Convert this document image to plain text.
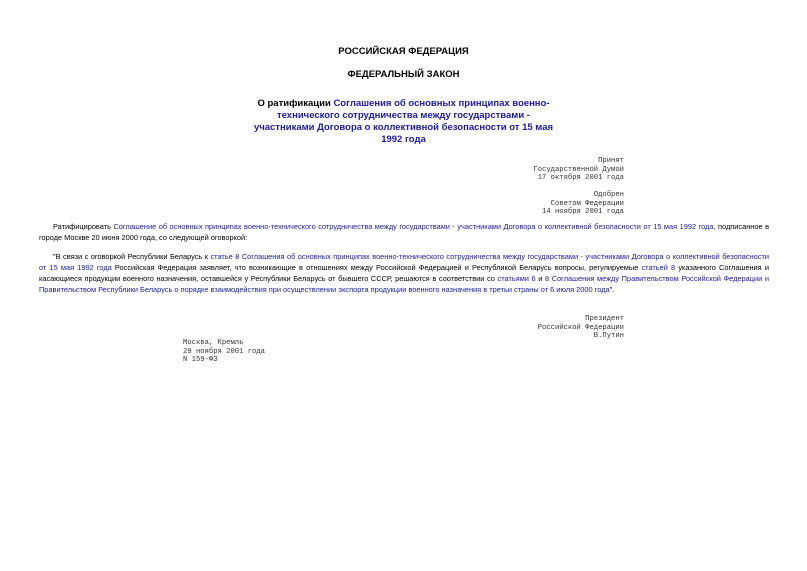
РОССИЙСКАЯ ФЕДЕРАЦИЯ
ФЕДЕРАЛЬНЫЙ ЗАКОН
О ратификации Соглашения об основных принципах военно-технического сотрудничества между государствами - участниками Договора о коллективной безопасности от 15 мая 1992 года
Принят
Государственной Думой
17 октября 2001 года
Одобрен
Советом Федерации
14 ноября 2001 года
Ратифицировать Соглашение об основных принципах военно-технического сотрудничества между государствами - участниками Договора о коллективной безопасности от 15 мая 1992 года, подписанное в городе Москве 20 июня 2000 года, со следующей оговоркой:
"В связи с оговоркой Республики Беларусь к статье 8 Соглашения об основных принципах военно-технического сотрудничества между государствами - участниками Договора о коллективной безопасности от 15 мая 1992 года Российская Федерация заявляет, что возникающие в отношениях между Российской Федерацией и Республикой Беларусь вопросы, регулируемые статьей 8 указанного Соглашения и касающиеся продукции военного назначения, оставшейся у Республики Беларусь от бывшего СССР, решаются в соответствии со статьями 6 и 8 Соглашения между Правительством Российской Федерации и Правительством Республики Беларусь о порядке взаимодействия при осуществлении экспорта продукции военного назначения в третьи страны от 6 июля 2000 года".
Президент
Российской Федерации
В.Путин
Москва, Кремль
29 ноября 2001 года
N 159-ФЗ
